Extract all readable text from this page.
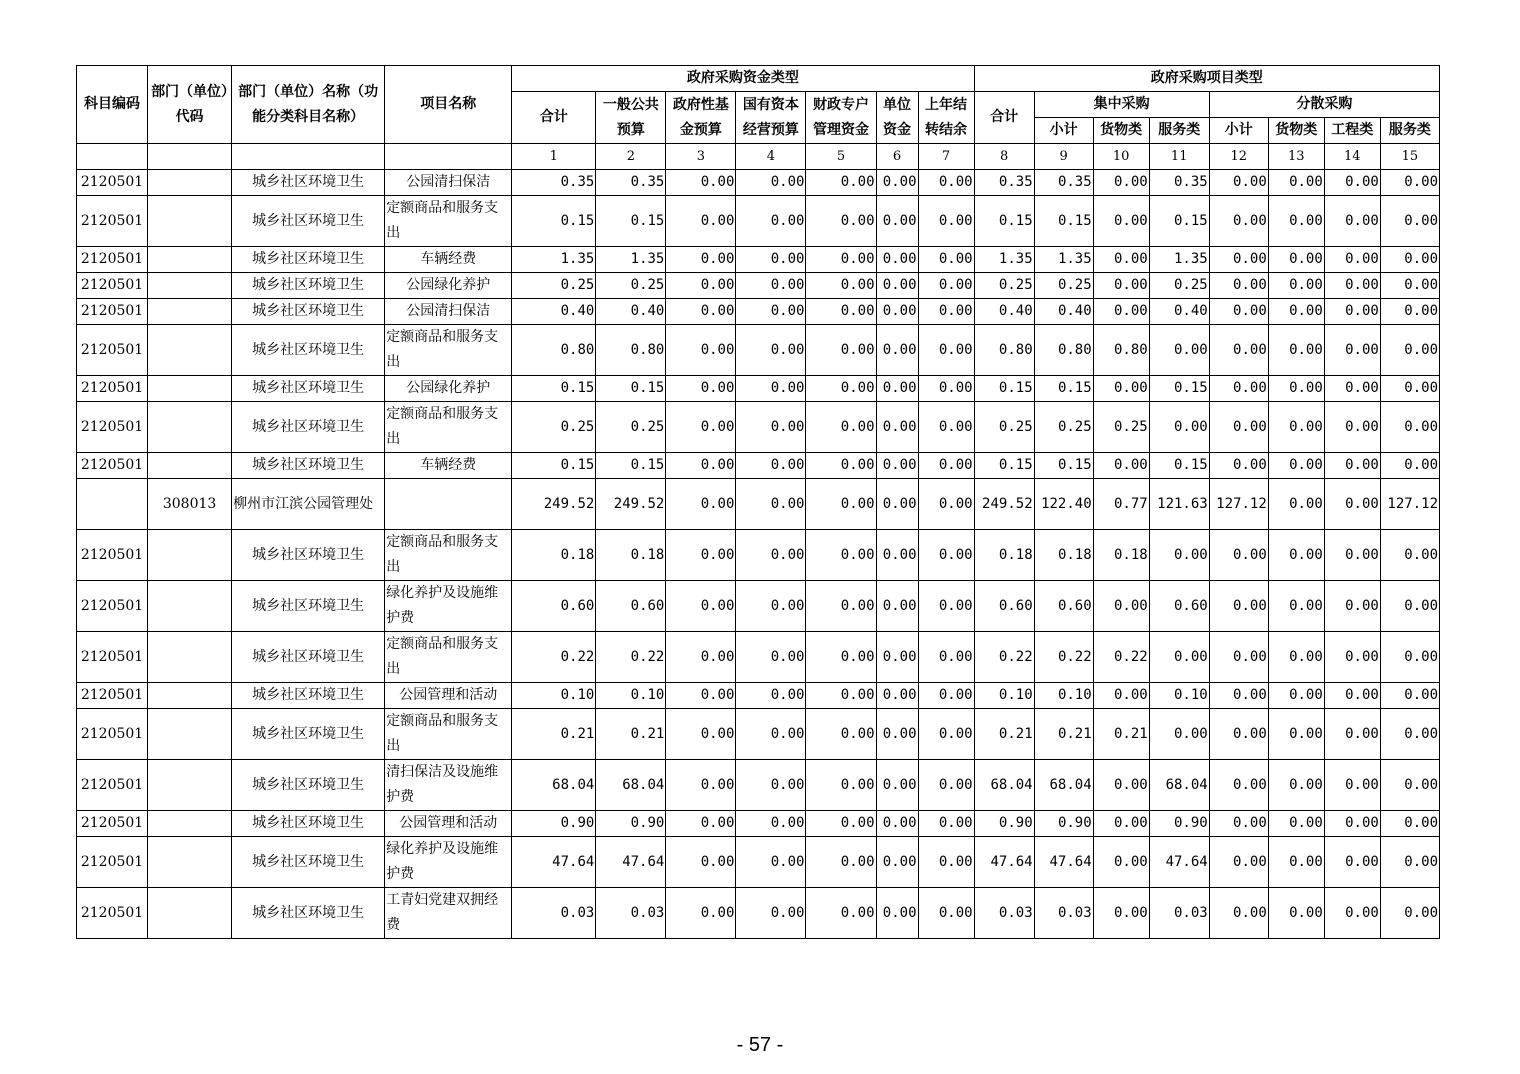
科目编码	部门（单位）代码	部门（单位）名称（功能分类科目名称）	项目名称	政府采购资金类型							政府采购项目类型							
				合计	一般公共预算	政府性基金预算	国有资本经营预算	财政专户管理资金	单位资金	上年结转结余	合计	集中采购			分散采购			
												小计	货物类	服务类	小计	货物类	工程类	服务类
				1	2	3	4	5	6	7	8	9	10	11	12	13	14	15
2120501		城乡社区环境卫生	公园清扫保洁	0.35	0.35	0.00	0.00	0.00	0.00	0.00	0.35	0.35	0.00	0.35	0.00	0.00	0.00	0.00
2120501		城乡社区环境卫生	定额商品和服务支出	0.15	0.15	0.00	0.00	0.00	0.00	0.00	0.15	0.15	0.00	0.15	0.00	0.00	0.00	0.00
2120501		城乡社区环境卫生	车辆经费	1.35	1.35	0.00	0.00	0.00	0.00	0.00	1.35	1.35	0.00	1.35	0.00	0.00	0.00	0.00
2120501		城乡社区环境卫生	公园绿化养护	0.25	0.25	0.00	0.00	0.00	0.00	0.00	0.25	0.25	0.00	0.25	0.00	0.00	0.00	0.00
2120501		城乡社区环境卫生	公园清扫保洁	0.40	0.40	0.00	0.00	0.00	0.00	0.00	0.40	0.40	0.00	0.40	0.00	0.00	0.00	0.00
2120501		城乡社区环境卫生	定额商品和服务支出	0.80	0.80	0.00	0.00	0.00	0.00	0.00	0.80	0.80	0.80	0.00	0.00	0.00	0.00	0.00
2120501		城乡社区环境卫生	公园绿化养护	0.15	0.15	0.00	0.00	0.00	0.00	0.00	0.15	0.15	0.00	0.15	0.00	0.00	0.00	0.00
2120501		城乡社区环境卫生	定额商品和服务支出	0.25	0.25	0.00	0.00	0.00	0.00	0.00	0.25	0.25	0.25	0.00	0.00	0.00	0.00	0.00
2120501		城乡社区环境卫生	车辆经费	0.15	0.15	0.00	0.00	0.00	0.00	0.00	0.15	0.15	0.00	0.15	0.00	0.00	0.00	0.00
	308013	柳州市江滨公园管理处		249.52	249.52	0.00	0.00	0.00	0.00	0.00	249.52	122.40	0.77	121.63	127.12	0.00	0.00	127.12
2120501		城乡社区环境卫生	定额商品和服务支出	0.18	0.18	0.00	0.00	0.00	0.00	0.00	0.18	0.18	0.18	0.00	0.00	0.00	0.00	0.00
2120501		城乡社区环境卫生	绿化养护及设施维护费	0.60	0.60	0.00	0.00	0.00	0.00	0.00	0.60	0.60	0.00	0.60	0.00	0.00	0.00	0.00
2120501		城乡社区环境卫生	定额商品和服务支出	0.22	0.22	0.00	0.00	0.00	0.00	0.00	0.22	0.22	0.22	0.00	0.00	0.00	0.00	0.00
2120501		城乡社区环境卫生	公园管理和活动	0.10	0.10	0.00	0.00	0.00	0.00	0.00	0.10	0.10	0.00	0.10	0.00	0.00	0.00	0.00
2120501		城乡社区环境卫生	定额商品和服务支出	0.21	0.21	0.00	0.00	0.00	0.00	0.00	0.21	0.21	0.21	0.00	0.00	0.00	0.00	0.00
2120501		城乡社区环境卫生	清扫保洁及设施维护费	68.04	68.04	0.00	0.00	0.00	0.00	0.00	68.04	68.04	0.00	68.04	0.00	0.00	0.00	0.00
2120501		城乡社区环境卫生	公园管理和活动	0.90	0.90	0.00	0.00	0.00	0.00	0.00	0.90	0.90	0.00	0.90	0.00	0.00	0.00	0.00
2120501		城乡社区环境卫生	绿化养护及设施维护费	47.64	47.64	0.00	0.00	0.00	0.00	0.00	47.64	47.64	0.00	47.64	0.00	0.00	0.00	0.00
2120501		城乡社区环境卫生	工青妇党建双拥经费	0.03	0.03	0.00	0.00	0.00	0.00	0.00	0.03	0.03	0.00	0.03	0.00	0.00	0.00	0.00
- 57 -
